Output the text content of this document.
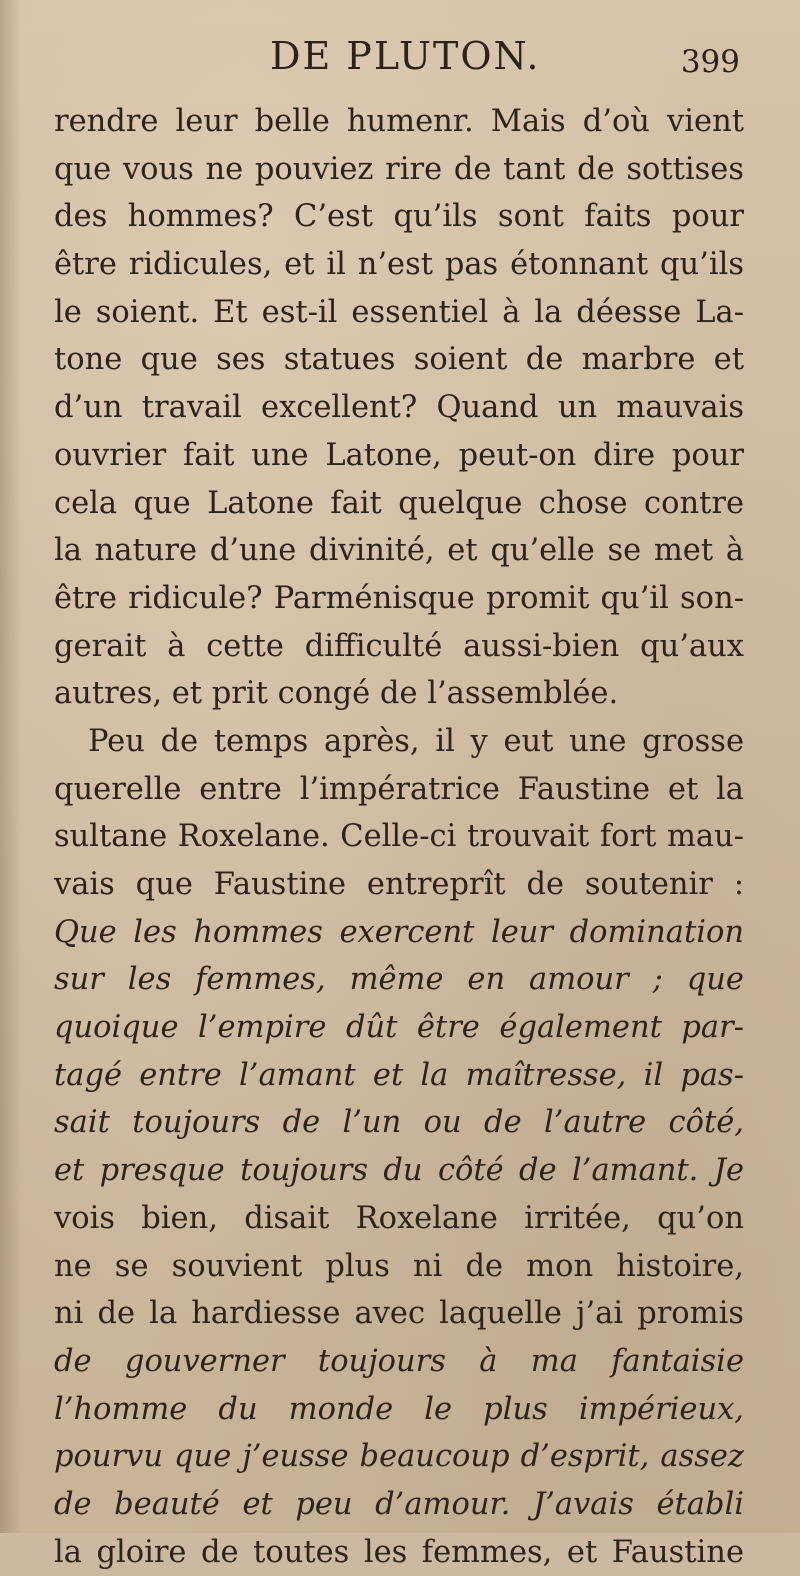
DE PLUTON.	399
rendre leur belle humenr. Mais d’où vient
que vous ne pouviez rire de tant de sottises
des hommes? C’est qu’ils sont faits pour
être ridicules, et il n’est pas étonnant qu’ils
le soient. Et est-il essentiel à la déesse La-
tone que ses statues soient de marbre et
d’un travail excellent? Quand un mauvais
ouvrier fait une Latone, peut-on dire pour
cela que Latone fait quelque chose contre
la nature d’une divinité, et qu’elle se met à
être ridicule? Parménisque promit qu’il son-
gerait à cette difficulté aussi-bien qu’aux
autres, et prit congé de l’assemblée.
Peu de temps après, il y eut une grosse
querelle entre l’impératrice Faustine et la
sultane Roxelane. Celle-ci trouvait fort mau-
vais que Faustine entreprît de soutenir :
Que les hommes exercent leur domination
sur les femmes, même en amour ; que
quoique l’empire dût être également par-
tagé entre l’amant et la maîtresse, il pas-
sait toujours de l’un ou de l’autre côté,
et presque toujours du côté de l’amant. Je
vois bien, disait Roxelane irritée, qu’on
ne se souvient plus ni de mon histoire,
ni de la hardiesse avec laquelle j’ai promis
de gouverner toujours à ma fantaisie
l’homme du monde le plus impérieux,
pourvu que j’eusse beaucoup d’esprit, assez
de beauté et peu d’amour. J’avais établi
la gloire de toutes les femmes, et Faustine
